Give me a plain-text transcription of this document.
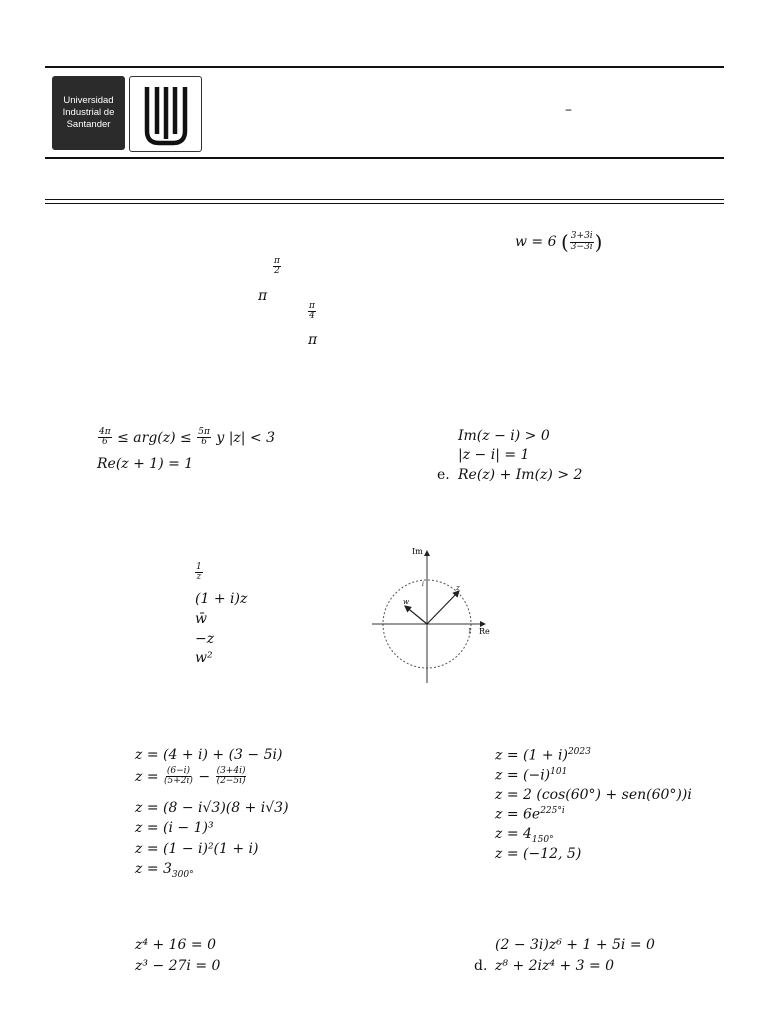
Universidad
Industrial de
Santander
–
w = 6 ( $\frac{3+3i}{3-3i}$ )
$\frac{\pi}{2}$
π
$\frac{\pi}{4}$
π
$\frac{4\pi}{6} \le arg(z) \le \frac{5\pi}{6}$ y |z| < 3
Re(z + 1) = 1
Im(z − i) > 0
|z − i| = 1
e. Re(z) + Im(z) > 2
$\frac{1}{z}$
(1 + i)z
w̄
−z
w²
Im
Re
z
w
1
i
z = (4 + i) + (3 − 5i)
$z = \frac{(6-i)}{(5+2i)} - \frac{(3+4i)}{(2-5i)}$
z = (8 − i√3)(8 + i√3)
z = (i − 1)³
z = (1 − i)²(1 + i)
$z = 3_{300^\circ}$
$z = (1 + i)^{2023}$
$z = (-i)^{101}$
z = 2 (cos(60°) + sen(60°))i
$z = 6e^{225^\circ i}$
$z = 4_{150^\circ}$
z = (−12, 5)
z⁴ + 16 = 0
z³ − 27i = 0
(2 − 3i)z⁶ + 1 + 5i = 0
d. z⁸ + 2iz⁴ + 3 = 0
